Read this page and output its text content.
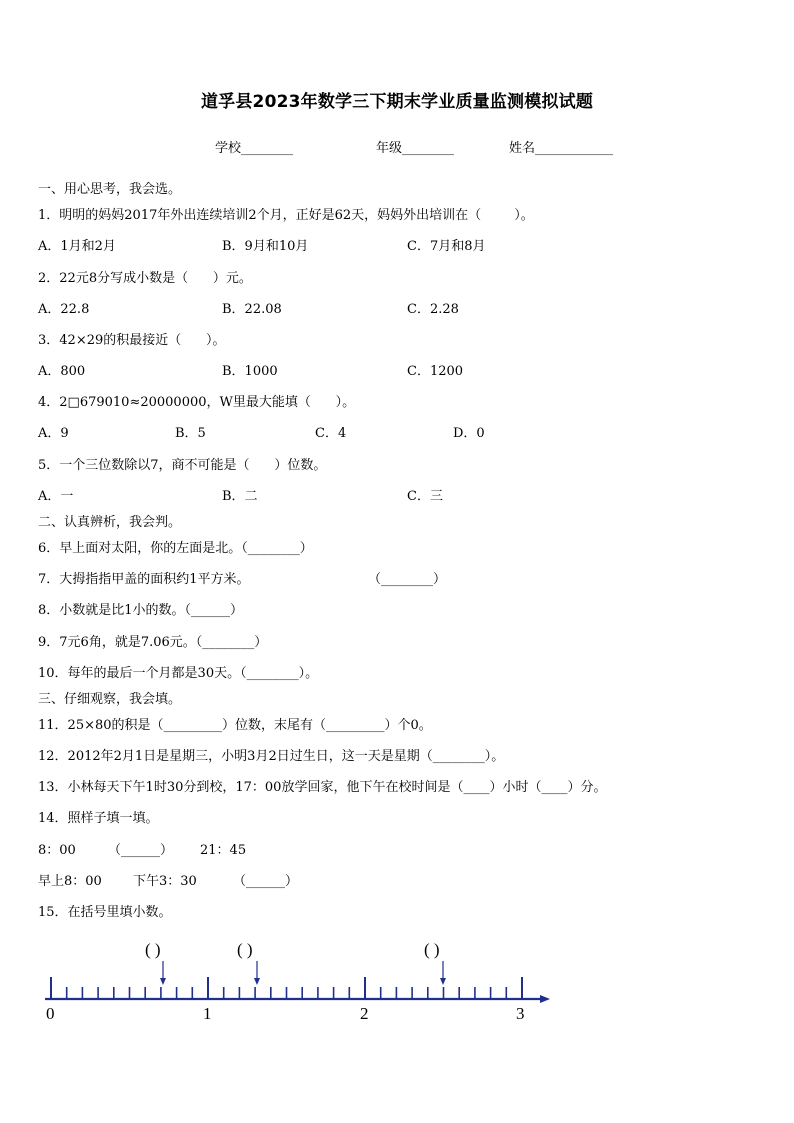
道孚县2023年数学三下期末学业质量监测模拟试题
学校________	年级________	姓名____________
一、用心思考，我会选。
1．明明的妈妈2017年外出连续培训2个月，正好是62天，妈妈外出培训在（        ）。
A．1月和2月	B．9月和10月	C．7月和8月
2．22元8分写成小数是（      ）元。
A．22.8	B．22.08	C．2.28
3．42×29的积最接近（      ）。
A．800	B．1000	C．1200
4．2□679010≈20000000，W里最大能填（      ）。
A．9	B．5	C．4	D．0
5．一个三位数除以7，商不可能是（      ）位数。
A．一	B．二	C．三
二、认真辨析，我会判。
6．早上面对太阳，你的左面是北。（________）
7．大拇指指甲盖的面积约1平方米。	（________）
8．小数就是比1小的数。（______）
9．7元6角，就是7.06元。（________）
10．每年的最后一个月都是30天。（________）。
三、仔细观察，我会填。
11．25×80的积是（_________）位数，末尾有（_________）个0。
12．2012年2月1日是星期三，小明3月2日过生日，这一天是星期（________）。
13．小林每天下午1时30分到校，17：00放学回家，他下午在校时间是（____）小时（____）分。
14．照样子填一填。
8：00 （______） 21：45
早上8：00 下午3：30	（______）
15．在括号里填小数。
( )	( )	( )
0	1	2	3
